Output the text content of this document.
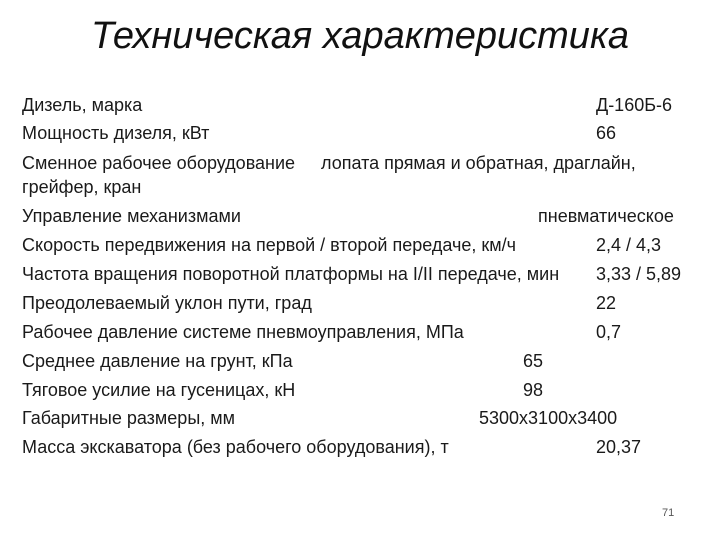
Техническая характеристика
Дизель, марка	Д-160Б-6
Мощность дизеля, кВт	66
Сменное рабочее оборудование лопата прямая и обратная, драглайн,
грейфер, кран
Управление механизмами	пневматическое
Скорость передвижения на первой / второй передаче, км/ч	2,4 / 4,3
Частота вращения поворотной платформы на I/II передаче, мин 3,33 / 5,89
Преодолеваемый уклон пути, град	22
Рабочее давление системе пневмоуправления, МПа	0,7
Среднее давление на грунт, кПа	65
Тяговое усилие на гусеницах, кН	98
Габаритные размеры, мм	5300х3100х3400
Масса экскаватора (без рабочего оборудования), т	20,37
71
